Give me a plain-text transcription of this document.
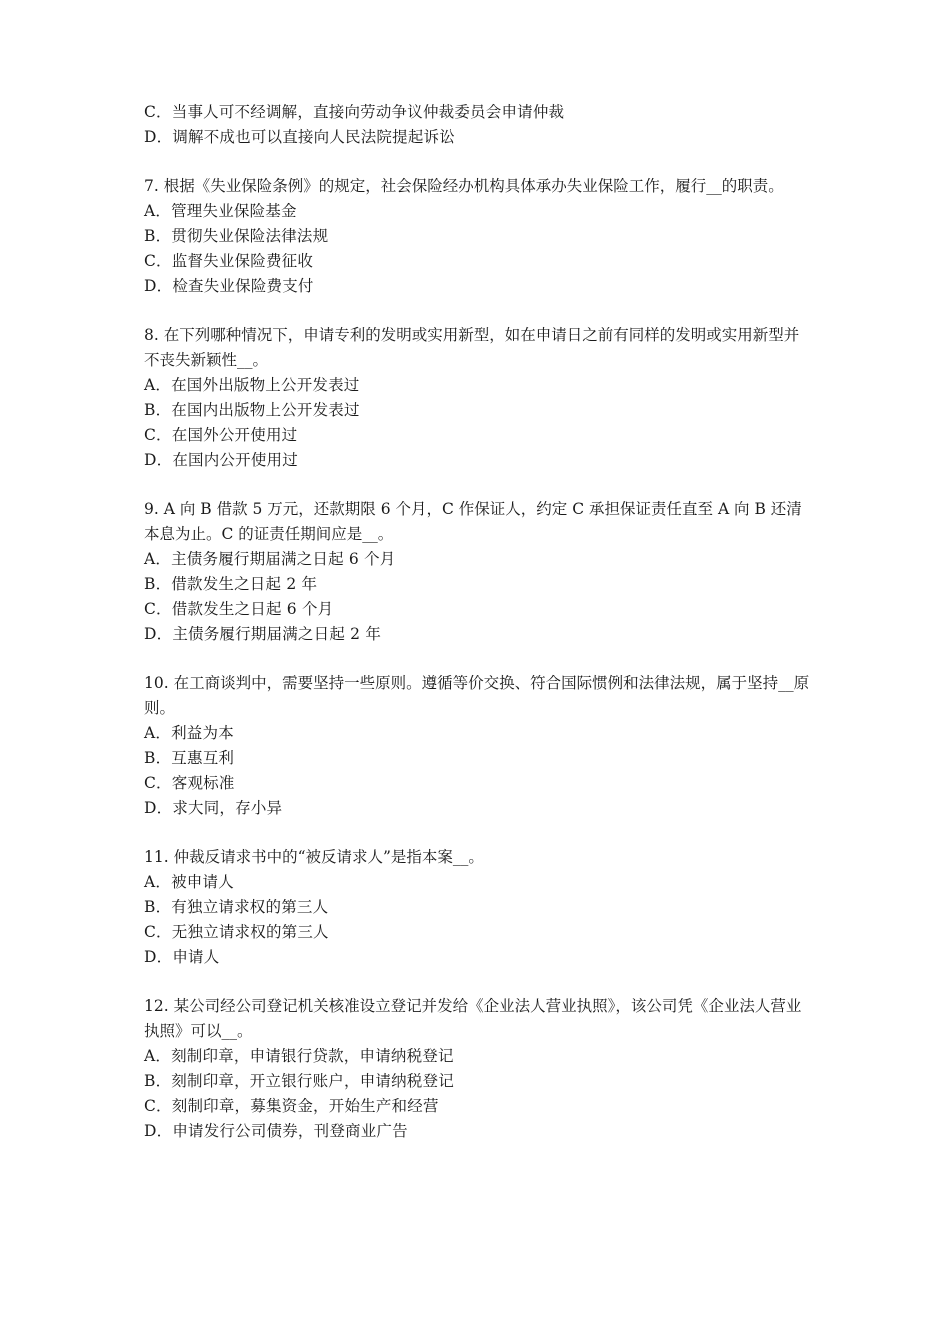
C．当事人可不经调解，直接向劳动争议仲裁委员会申请仲裁
D．调解不成也可以直接向人民法院提起诉讼
7. 根据《失业保险条例》的规定，社会保险经办机构具体承办失业保险工作，履行__的职责。
A．管理失业保险基金
B．贯彻失业保险法律法规
C．监督失业保险费征收
D．检查失业保险费支付
8. 在下列哪种情况下，申请专利的发明或实用新型，如在申请日之前有同样的发明或实用新型并不丧失新颖性__。
A．在国外出版物上公开发表过
B．在国内出版物上公开发表过
C．在国外公开使用过
D．在国内公开使用过
9. A 向 B 借款 5 万元，还款期限 6 个月，C 作保证人，约定 C 承担保证责任直至 A 向 B 还清本息为止。C 的证责任期间应是__。
A．主债务履行期届满之日起 6 个月
B．借款发生之日起 2 年
C．借款发生之日起 6 个月
D．主债务履行期届满之日起 2 年
10. 在工商谈判中，需要坚持一些原则。遵循等价交换、符合国际惯例和法律法规，属于坚持__原则。
A．利益为本
B．互惠互利
C．客观标准
D．求大同，存小异
11. 仲裁反请求书中的“被反请求人”是指本案__。
A．被申请人
B．有独立请求权的第三人
C．无独立请求权的第三人
D．申请人
12. 某公司经公司登记机关核准设立登记并发给《企业法人营业执照》，该公司凭《企业法人营业执照》可以__。
A．刻制印章，申请银行贷款，申请纳税登记
B．刻制印章，开立银行账户，申请纳税登记
C．刻制印章，募集资金，开始生产和经营
D．申请发行公司债券，刊登商业广告
